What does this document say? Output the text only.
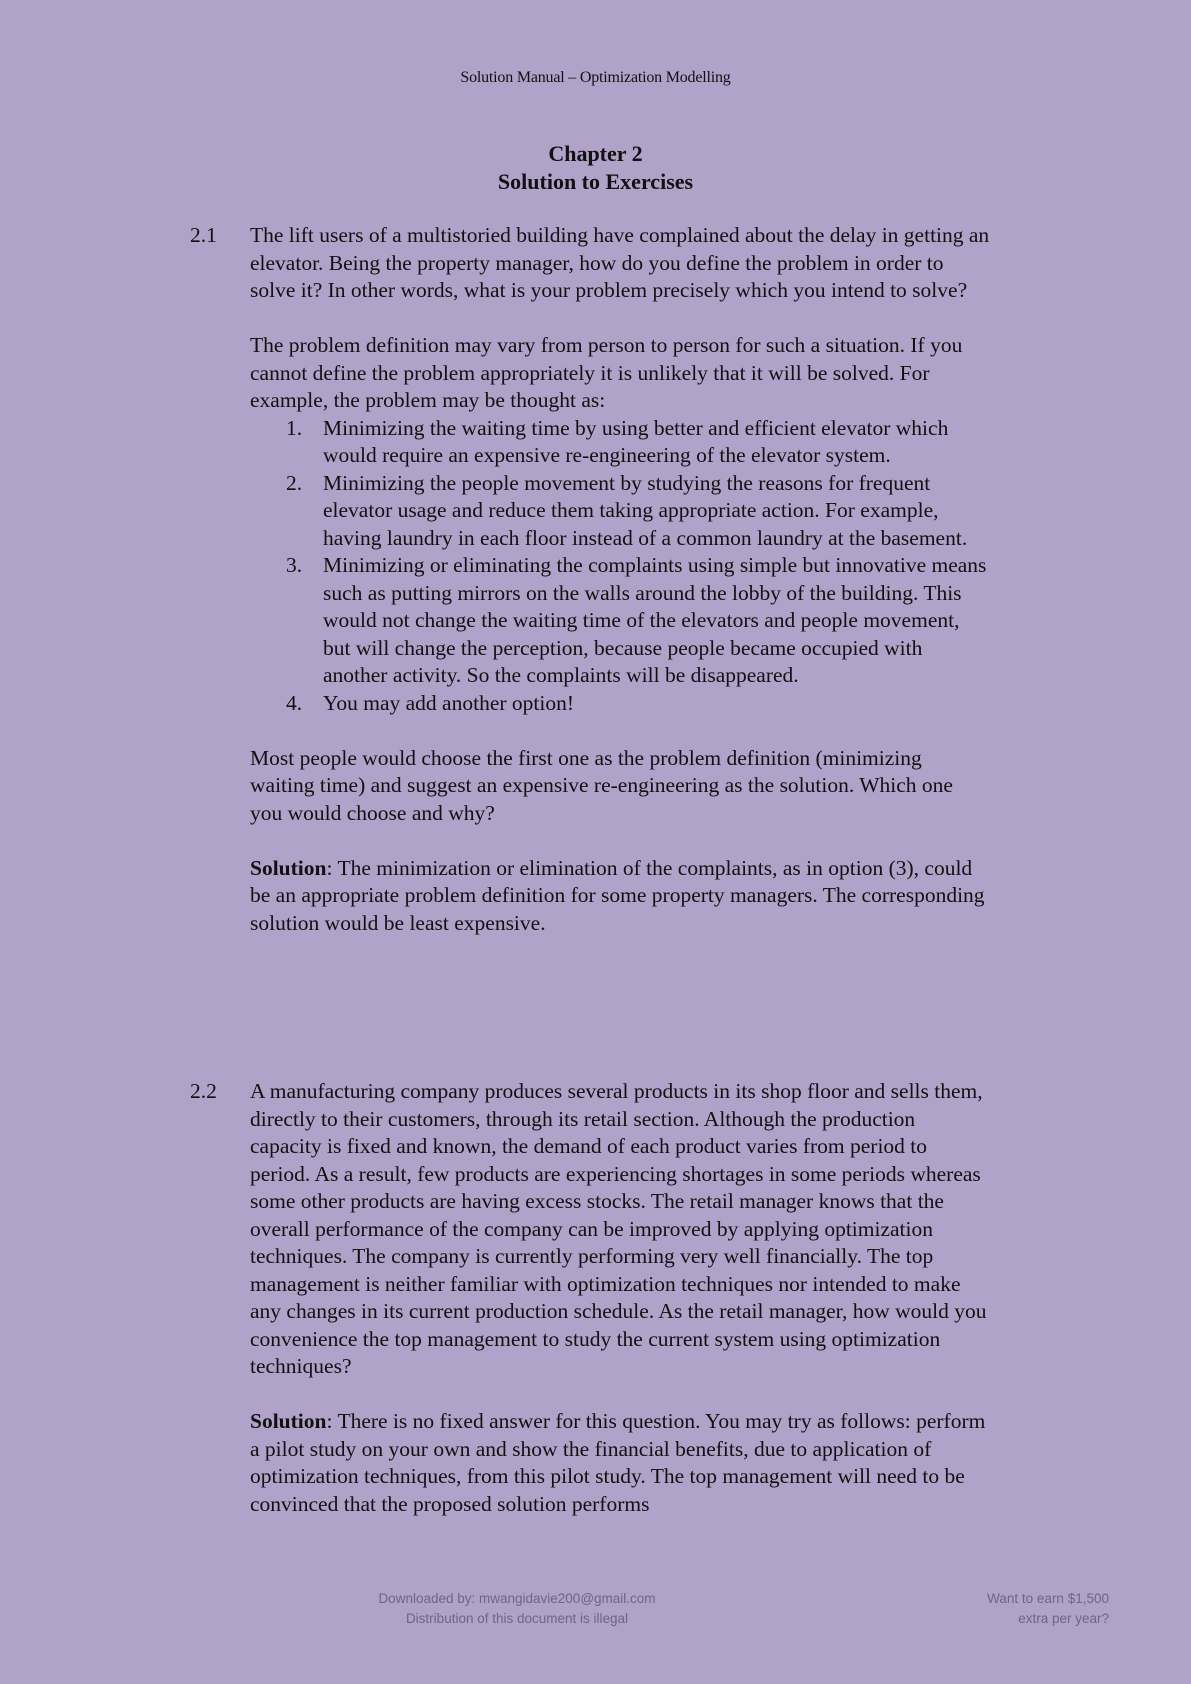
Solution Manual – Optimization Modelling
Chapter 2
Solution to Exercises
2.1 The lift users of a multistoried building have complained about the delay in getting an elevator. Being the property manager, how do you define the problem in order to solve it? In other words, what is your problem precisely which you intend to solve?

The problem definition may vary from person to person for such a situation. If you cannot define the problem appropriately it is unlikely that it will be solved. For example, the problem may be thought as:
1. Minimizing the waiting time by using better and efficient elevator which would require an expensive re-engineering of the elevator system.
2. Minimizing the people movement by studying the reasons for frequent elevator usage and reduce them taking appropriate action. For example, having laundry in each floor instead of a common laundry at the basement.
3. Minimizing or eliminating the complaints using simple but innovative means such as putting mirrors on the walls around the lobby of the building. This would not change the waiting time of the elevators and people movement, but will change the perception, because people became occupied with another activity. So the complaints will be disappeared.
4. You may add another option!

Most people would choose the first one as the problem definition (minimizing waiting time) and suggest an expensive re-engineering as the solution. Which one you would choose and why?

Solution: The minimization or elimination of the complaints, as in option (3), could be an appropriate problem definition for some property managers. The corresponding solution would be least expensive.

2.2 A manufacturing company produces several products in its shop floor and sells them, directly to their customers, through its retail section. Although the production capacity is fixed and known, the demand of each product varies from period to period. As a result, few products are experiencing shortages in some periods whereas some other products are having excess stocks. The retail manager knows that the overall performance of the company can be improved by applying optimization techniques. The company is currently performing very well financially. The top management is neither familiar with optimization techniques nor intended to make any changes in its current production schedule. As the retail manager, how would you convenience the top management to study the current system using optimization techniques?

Solution: There is no fixed answer for this question. You may try as follows: perform a pilot study on your own and show the financial benefits, due to application of optimization techniques, from this pilot study. The top management will need to be convinced that the proposed solution performs

Downloaded by: mwangidavie200@gmail.com
Distribution of this document is illegal
Want to earn $1,500
extra per year?
